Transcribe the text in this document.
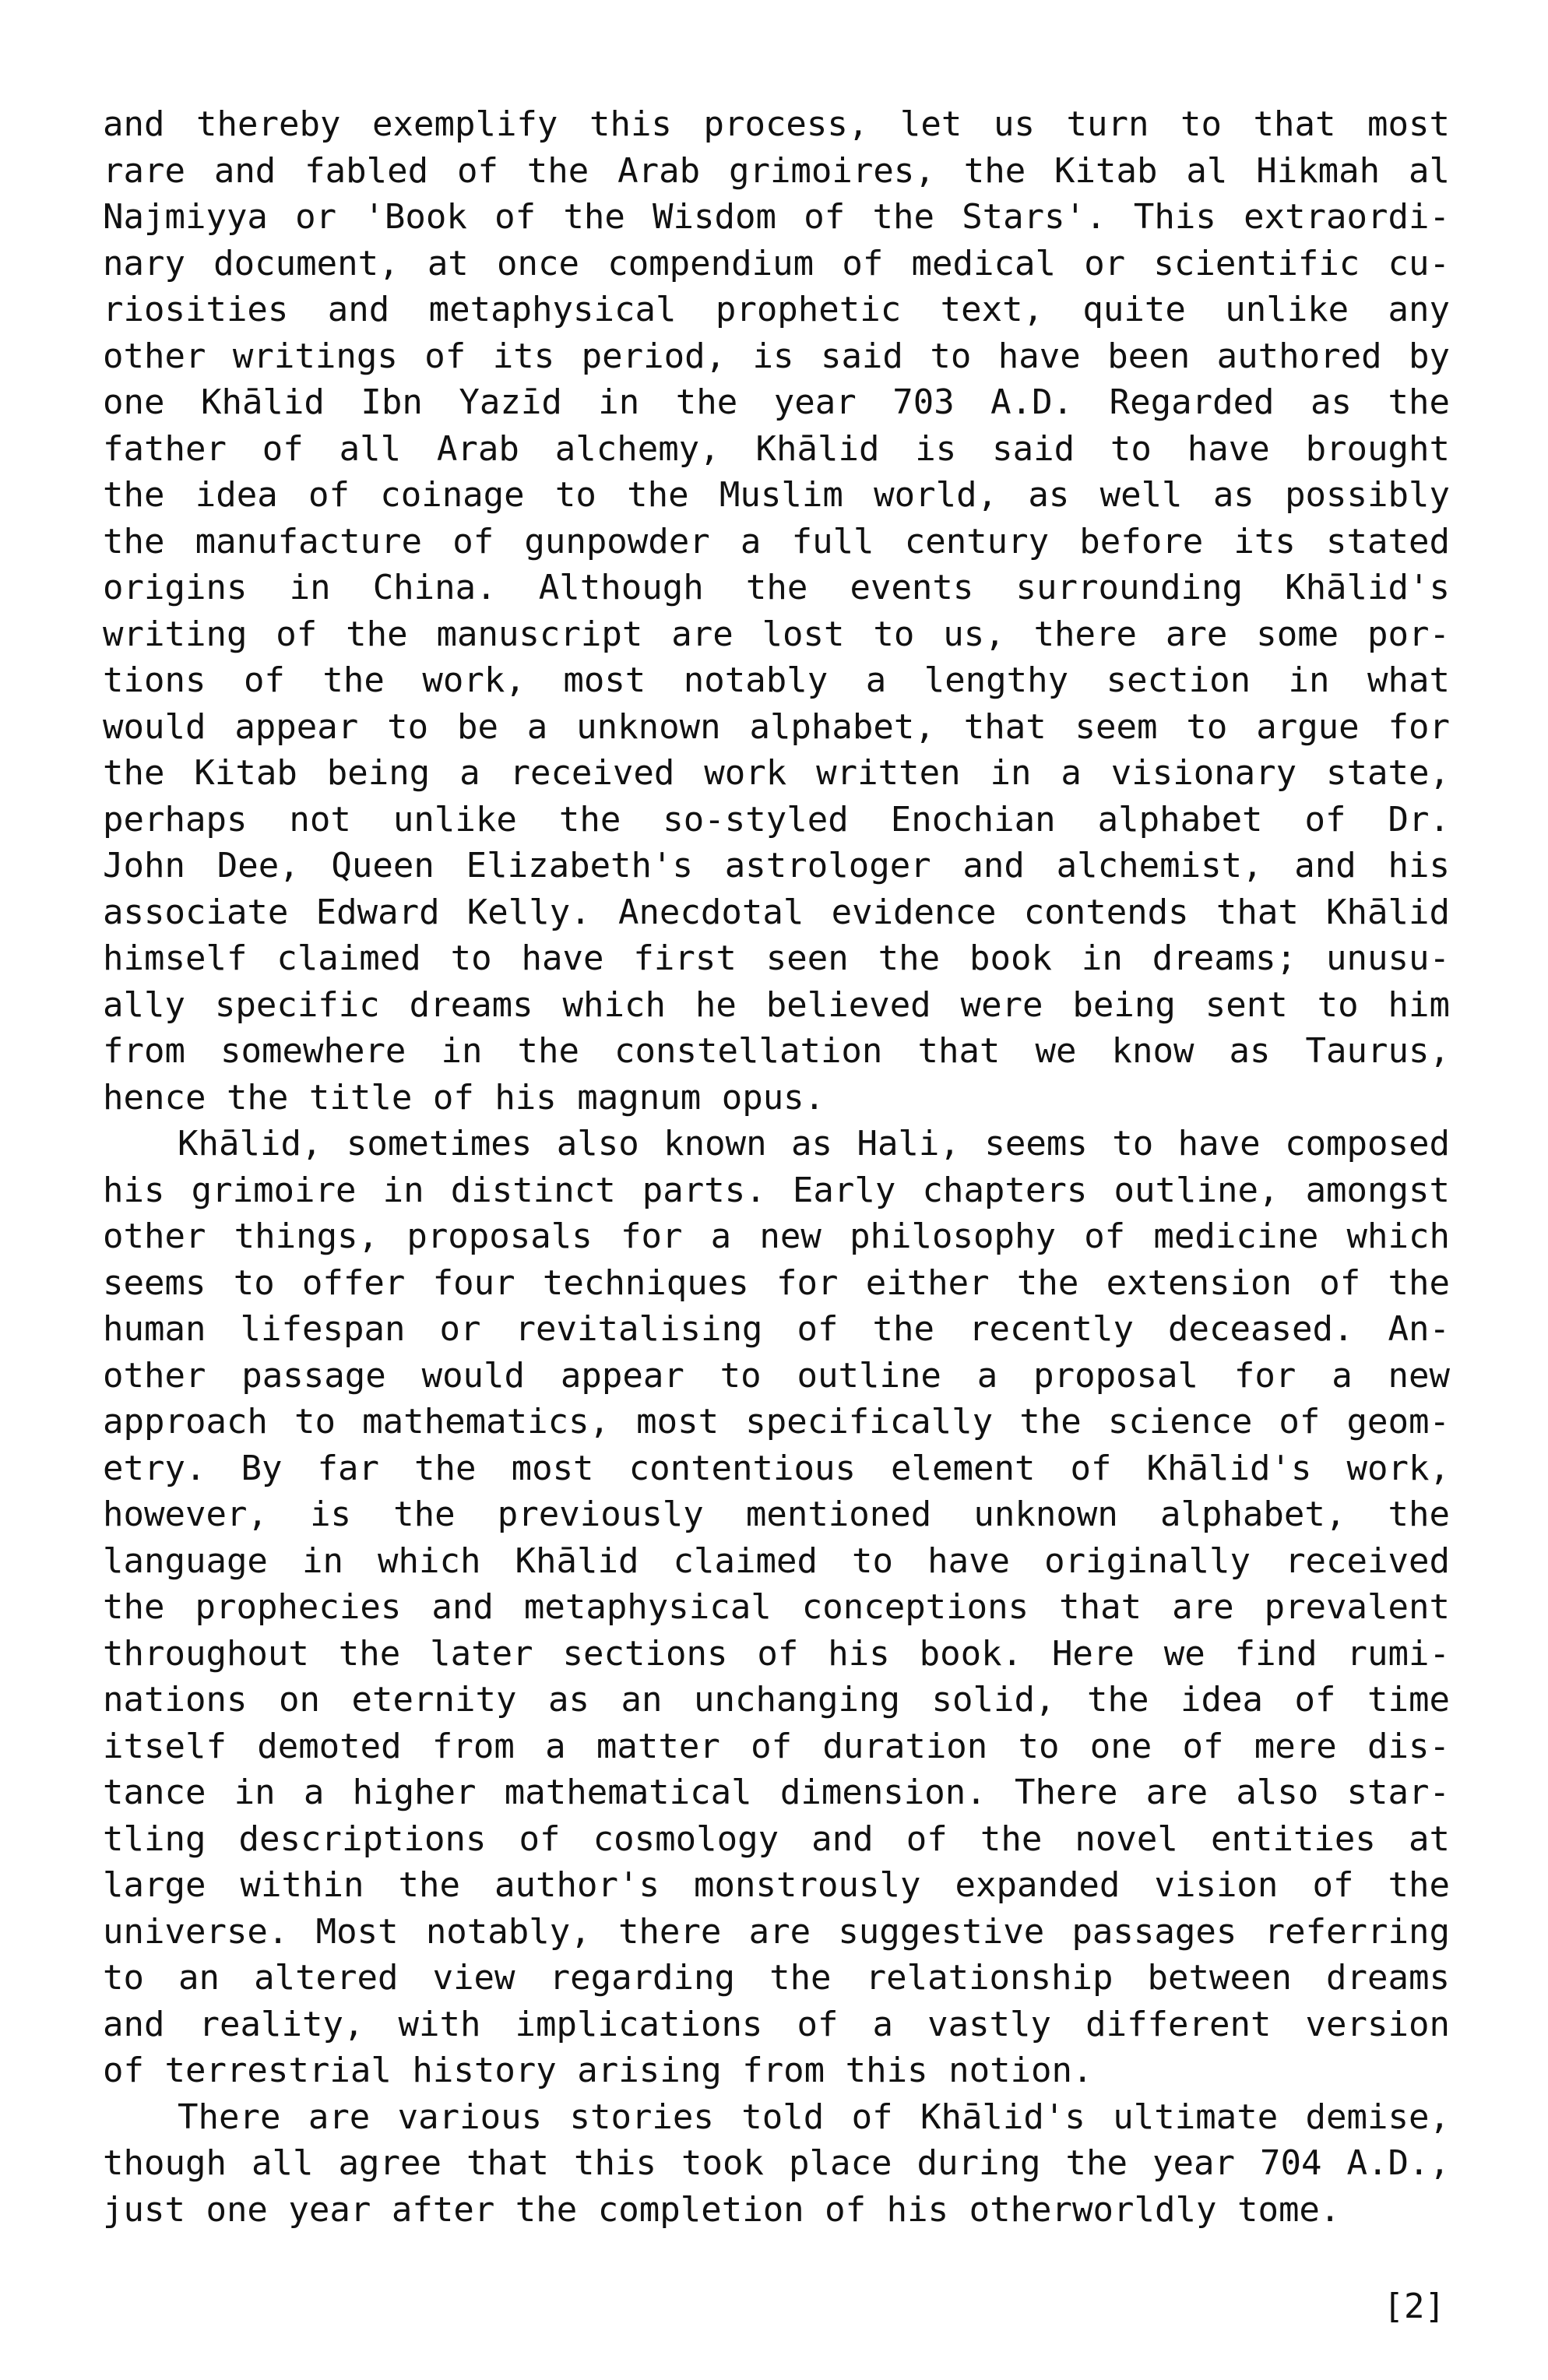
and thereby exemplify this process, let us turn to that most
rare and fabled of the Arab grimoires, the Kitab al Hikmah al
Najmiyya or 'Book of the Wisdom of the Stars'. This extraordi-
nary document, at once compendium of medical or scientific cu-
riosities and metaphysical prophetic text, quite unlike any
other writings of its period, is said to have been authored by
one Khālid Ibn Yazīd in the year 703 A.D. Regarded as the
father of all Arab alchemy, Khālid is said to have brought
the idea of coinage to the Muslim world, as well as possibly
the manufacture of gunpowder a full century before its stated
origins in China. Although the events surrounding Khālid's
writing of the manuscript are lost to us, there are some por-
tions of the work, most notably a lengthy section in what
would appear to be a unknown alphabet, that seem to argue for
the Kitab being a received work written in a visionary state,
perhaps not unlike the so-styled Enochian alphabet of Dr.
John Dee, Queen Elizabeth's astrologer and alchemist, and his
associate Edward Kelly. Anecdotal evidence contends that Khālid
himself claimed to have first seen the book in dreams; unusu-
ally specific dreams which he believed were being sent to him
from somewhere in the constellation that we know as Taurus,
hence the title of his magnum opus.
Khālid, sometimes also known as Hali, seems to have composed
his grimoire in distinct parts. Early chapters outline, amongst
other things, proposals for a new philosophy of medicine which
seems to offer four techniques for either the extension of the
human lifespan or revitalising of the recently deceased. An-
other passage would appear to outline a proposal for a new
approach to mathematics, most specifically the science of geom-
etry. By far the most contentious element of Khālid's work,
however, is the previously mentioned unknown alphabet, the
language in which Khālid claimed to have originally received
the prophecies and metaphysical conceptions that are prevalent
throughout the later sections of his book. Here we find rumi-
nations on eternity as an unchanging solid, the idea of time
itself demoted from a matter of duration to one of mere dis-
tance in a higher mathematical dimension. There are also star-
tling descriptions of cosmology and of the novel entities at
large within the author's monstrously expanded vision of the
universe. Most notably, there are suggestive passages referring
to an altered view regarding the relationship between dreams
and reality, with implications of a vastly different version
of terrestrial history arising from this notion.
There are various stories told of Khālid's ultimate demise,
though all agree that this took place during the year 704 A.D.,
just one year after the completion of his otherworldly tome.
[2]
